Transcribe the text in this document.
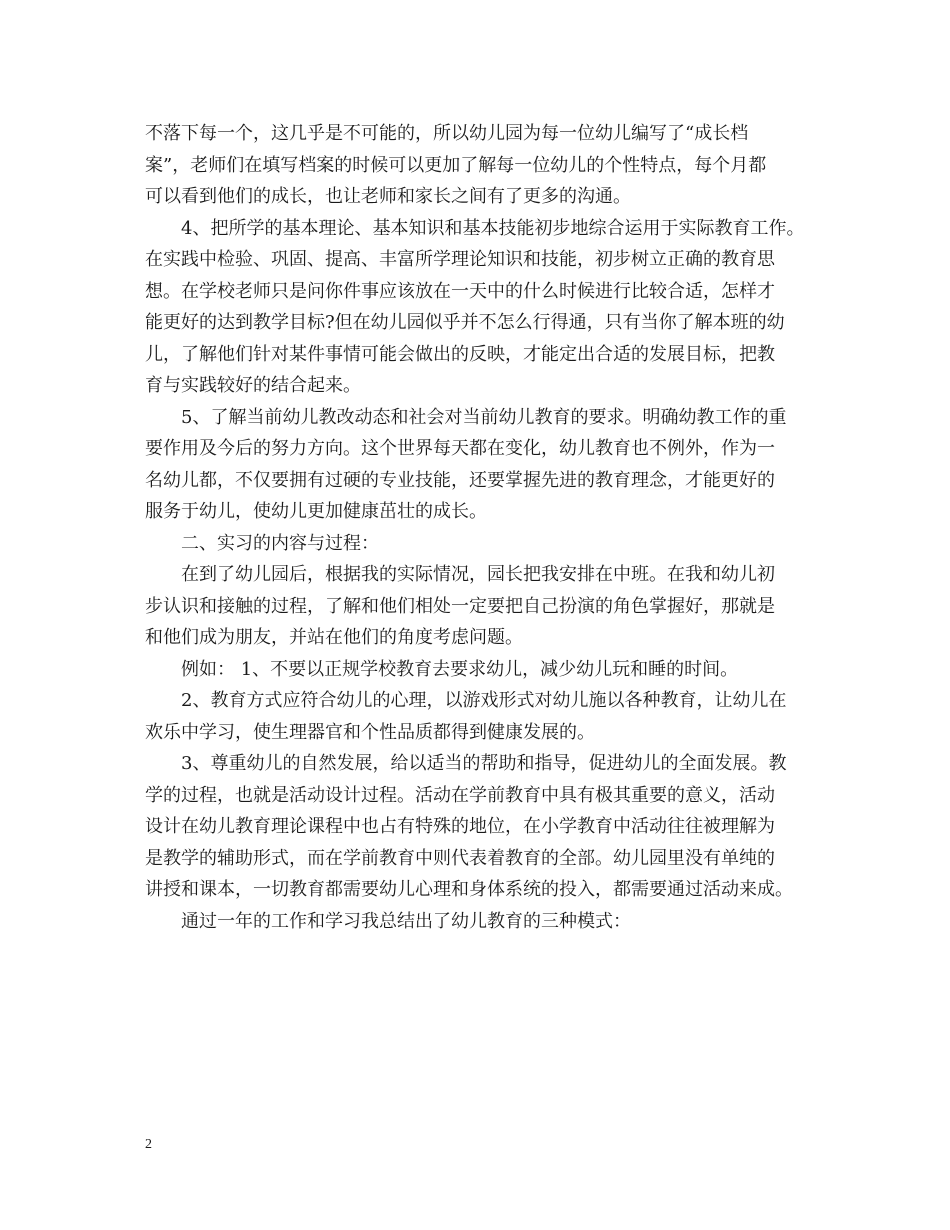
不落下每一个，这几乎是不可能的，所以幼儿园为每一位幼儿编写了“成长档
案”，老师们在填写档案的时候可以更加了解每一位幼儿的个性特点，每个月都
可以看到他们的成长，也让老师和家长之间有了更多的沟通。
4、把所学的基本理论、基本知识和基本技能初步地综合运用于实际教育工作。
在实践中检验、巩固、提高、丰富所学理论知识和技能，初步树立正确的教育思
想。在学校老师只是问你件事应该放在一天中的什么时候进行比较合适，怎样才
能更好的达到教学目标?但在幼儿园似乎并不怎么行得通，只有当你了解本班的幼
儿，了解他们针对某件事情可能会做出的反映，才能定出合适的发展目标，把教
育与实践较好的结合起来。
5、了解当前幼儿教改动态和社会对当前幼儿教育的要求。明确幼教工作的重
要作用及今后的努力方向。这个世界每天都在变化，幼儿教育也不例外，作为一
名幼儿都，不仅要拥有过硬的专业技能，还要掌握先进的教育理念，才能更好的
服务于幼儿，使幼儿更加健康茁壮的成长。
二、实习的内容与过程：
在到了幼儿园后，根据我的实际情况，园长把我安排在中班。在我和幼儿初
步认识和接触的过程，了解和他们相处一定要把自己扮演的角色掌握好，那就是
和他们成为朋友，并站在他们的角度考虑问题。
例如： 1、不要以正规学校教育去要求幼儿，减少幼儿玩和睡的时间。
2、教育方式应符合幼儿的心理，以游戏形式对幼儿施以各种教育，让幼儿在
欢乐中学习，使生理器官和个性品质都得到健康发展的。
3、尊重幼儿的自然发展，给以适当的帮助和指导，促进幼儿的全面发展。教
学的过程，也就是活动设计过程。活动在学前教育中具有极其重要的意义，活动
设计在幼儿教育理论课程中也占有特殊的地位，在小学教育中活动往往被理解为
是教学的辅助形式，而在学前教育中则代表着教育的全部。幼儿园里没有单纯的
讲授和课本，一切教育都需要幼儿心理和身体系统的投入，都需要通过活动来成。
通过一年的工作和学习我总结出了幼儿教育的三种模式：
2
